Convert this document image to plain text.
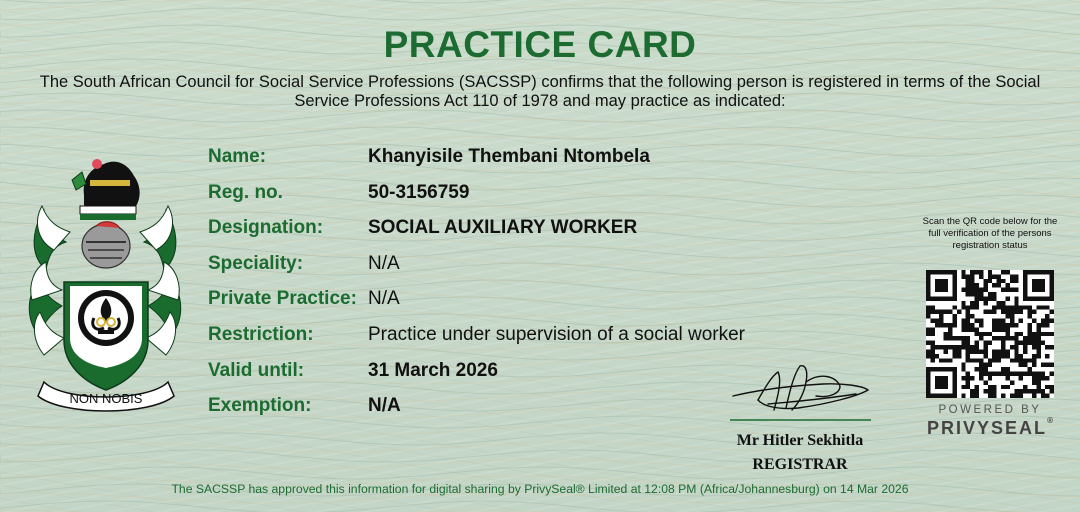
PRACTICE CARD
The South African Council for Social Service Professions (SACSSP) confirms that the following person is registered in terms of the Social Service Professions Act 110 of 1978 and may practice as indicated:
NON NOBIS
Name:	Khanyisile Thembani Ntombela
Reg. no.	50-3156759
Designation: SOCIAL AUXILIARY WORKER
Speciality:	N/A
Private Practice: N/A
Restriction:	Practice under supervision of a social worker
Valid until:	31 March 2026
Exemption:	N/A
Mr Hitler Sekhitla
REGISTRAR
Scan the QR code below for the full verification of the persons registration status
POWERED BY
PRIVYSEAL®
The SACSSP has approved this information for digital sharing by PrivySeal® Limited at 12:08 PM (Africa/Johannesburg) on 14 Mar 2026
